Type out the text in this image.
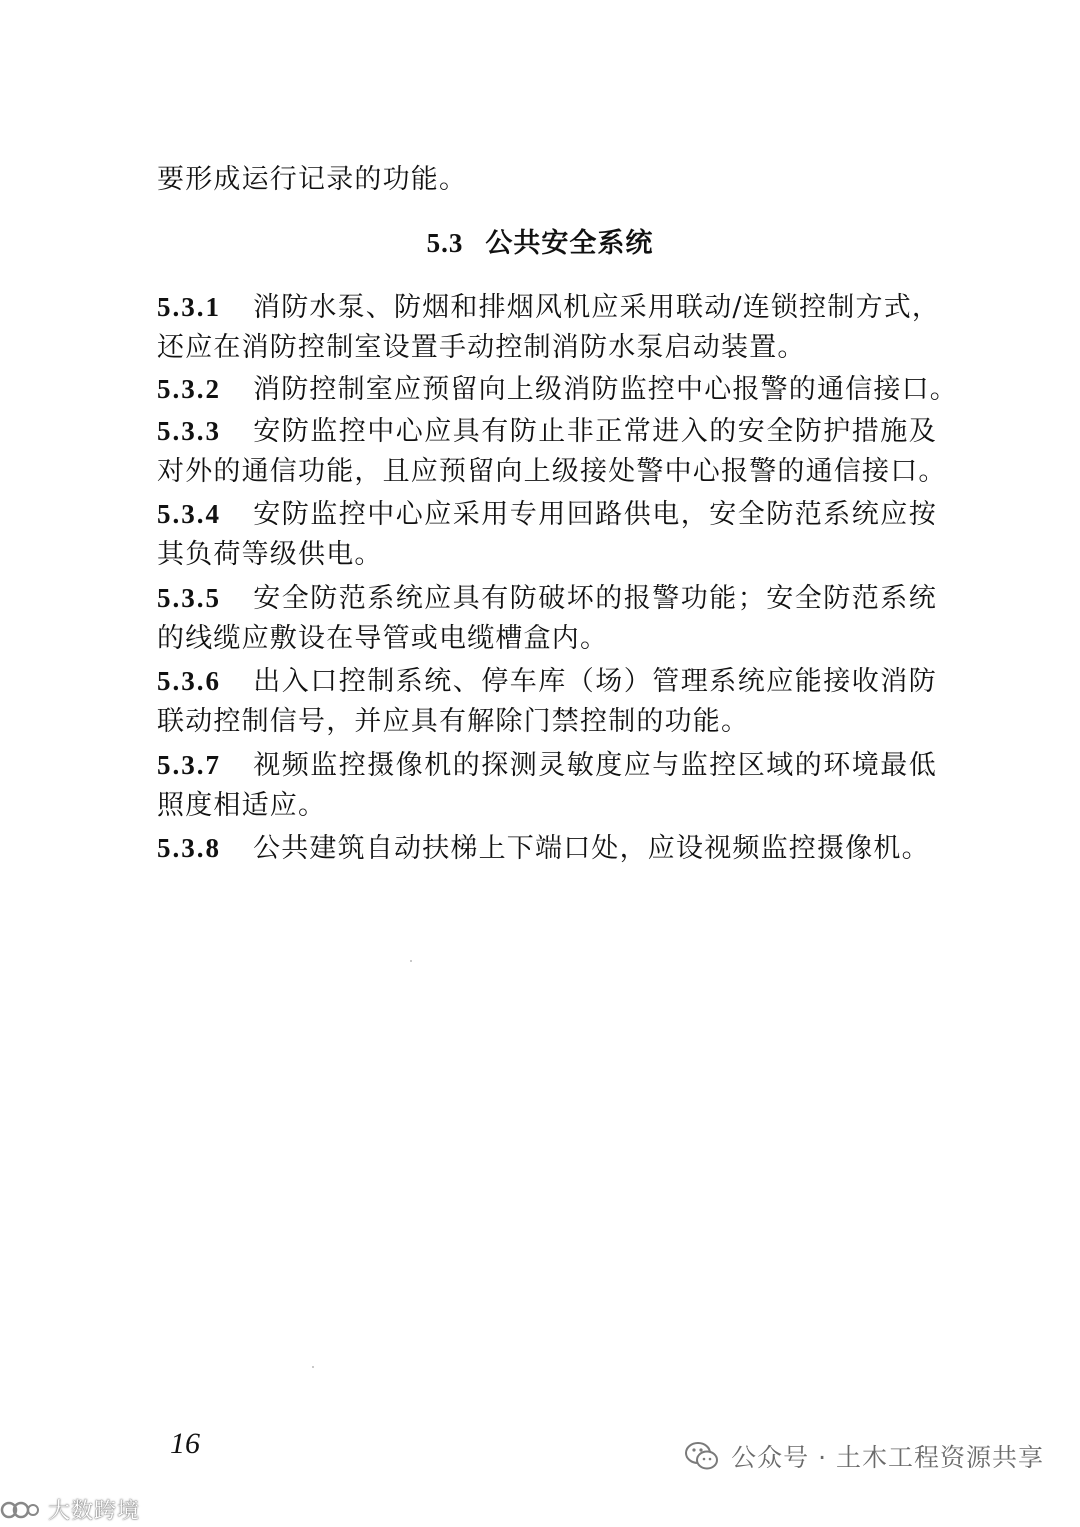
要形成运行记录的功能。
5.3 公共安全系统
5.3.1 消防水泵、防烟和排烟风机应采用联动/连锁控制方式，
还应在消防控制室设置手动控制消防水泵启动装置。
5.3.2 消防控制室应预留向上级消防监控中心报警的通信接口。
5.3.3 安防监控中心应具有防止非正常进入的安全防护措施及
对外的通信功能，且应预留向上级接处警中心报警的通信接口。
5.3.4 安防监控中心应采用专用回路供电，安全防范系统应按
其负荷等级供电。
5.3.5 安全防范系统应具有防破坏的报警功能；安全防范系统
的线缆应敷设在导管或电缆槽盒内。
5.3.6 出入口控制系统、停车库（场）管理系统应能接收消防
联动控制信号，并应具有解除门禁控制的功能。
5.3.7 视频监控摄像机的探测灵敏度应与监控区域的环境最低
照度相适应。
5.3.8 公共建筑自动扶梯上下端口处，应设视频监控摄像机。
16	公众号 · 土木工程资源共享
大数跨境
